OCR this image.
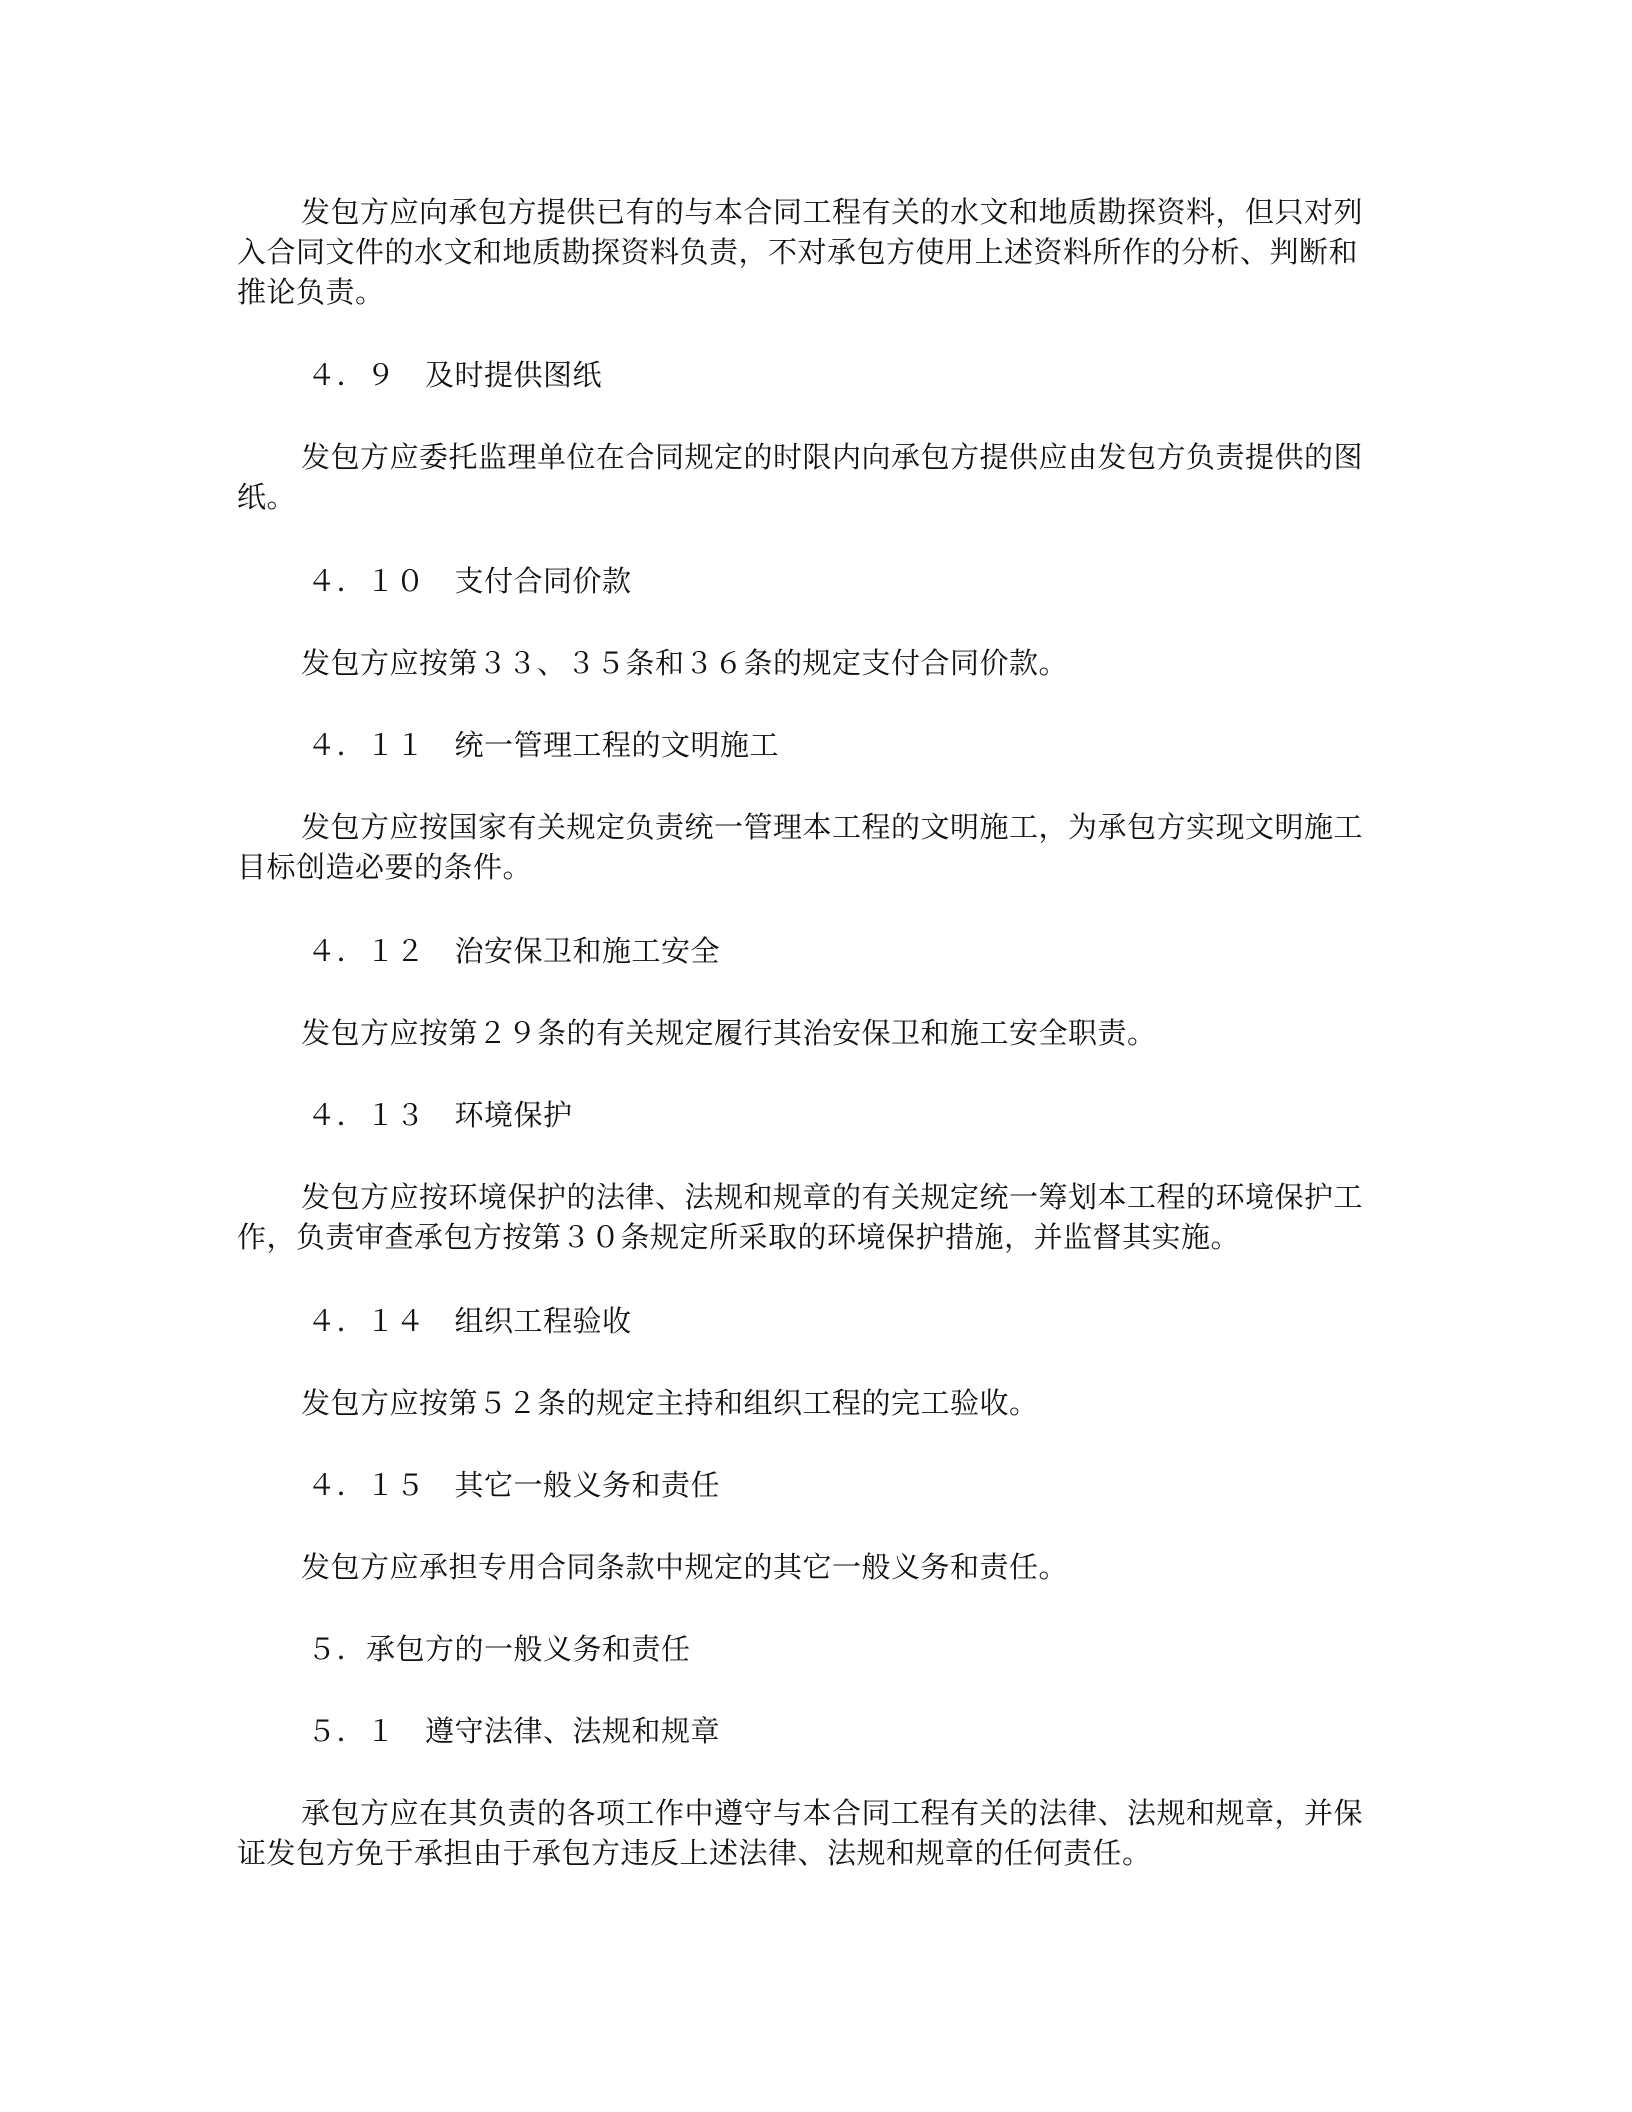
发包方应向承包方提供已有的与本合同工程有关的水文和地质勘探资料，但只对列入合同文件的水文和地质勘探资料负责，不对承包方使用上述资料所作的分析、判断和推论负责。
４．９　及时提供图纸
发包方应委托监理单位在合同规定的时限内向承包方提供应由发包方负责提供的图纸。
４．１０　支付合同价款
发包方应按第３３、３５条和３６条的规定支付合同价款。
４．１１　统一管理工程的文明施工
发包方应按国家有关规定负责统一管理本工程的文明施工，为承包方实现文明施工目标创造必要的条件。
４．１２　治安保卫和施工安全
发包方应按第２９条的有关规定履行其治安保卫和施工安全职责。
４．１３　环境保护
发包方应按环境保护的法律、法规和规章的有关规定统一筹划本工程的环境保护工作，负责审查承包方按第３０条规定所采取的环境保护措施，并监督其实施。
４．１４　组织工程验收
发包方应按第５２条的规定主持和组织工程的完工验收。
４．１５　其它一般义务和责任
发包方应承担专用合同条款中规定的其它一般义务和责任。
５．承包方的一般义务和责任
５．１　遵守法律、法规和规章
承包方应在其负责的各项工作中遵守与本合同工程有关的法律、法规和规章，并保证发包方免于承担由于承包方违反上述法律、法规和规章的任何责任。
